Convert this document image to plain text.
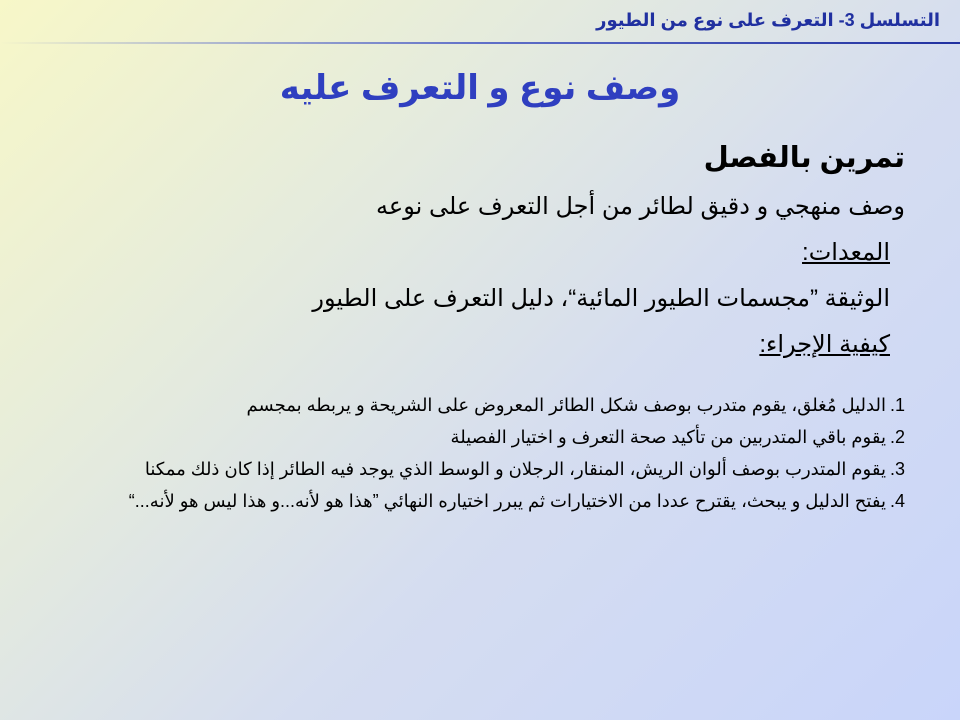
التسلسل 3- التعرف على نوع من الطيور
وصف نوع و التعرف عليه
تمرين بالفصل
وصف منهجي و دقيق لطائر من أجل التعرف على نوعه
المعدات:
الوثيقة ”مجسمات الطيور المائية“، دليل التعرف على الطيور
كيفية الإجراء:
1.
الدليل مُغلق، يقوم متدرب بوصف شكل الطائر المعروض على الشريحة و يربطه بمجسم
2.
يقوم باقي المتدربين من تأكيد صحة التعرف و اختيار الفصيلة
3.
يقوم المتدرب بوصف ألوان الريش، المنقار، الرجلان و الوسط الذي يوجد فيه الطائر إذا كان ذلك ممكنا
4.
يفتح الدليل و يبحث، يقترح عددا من الاختيارات ثم يبرر اختياره النهائي ”هذا هو لأنه...و هذا ليس هو لأنه...“
